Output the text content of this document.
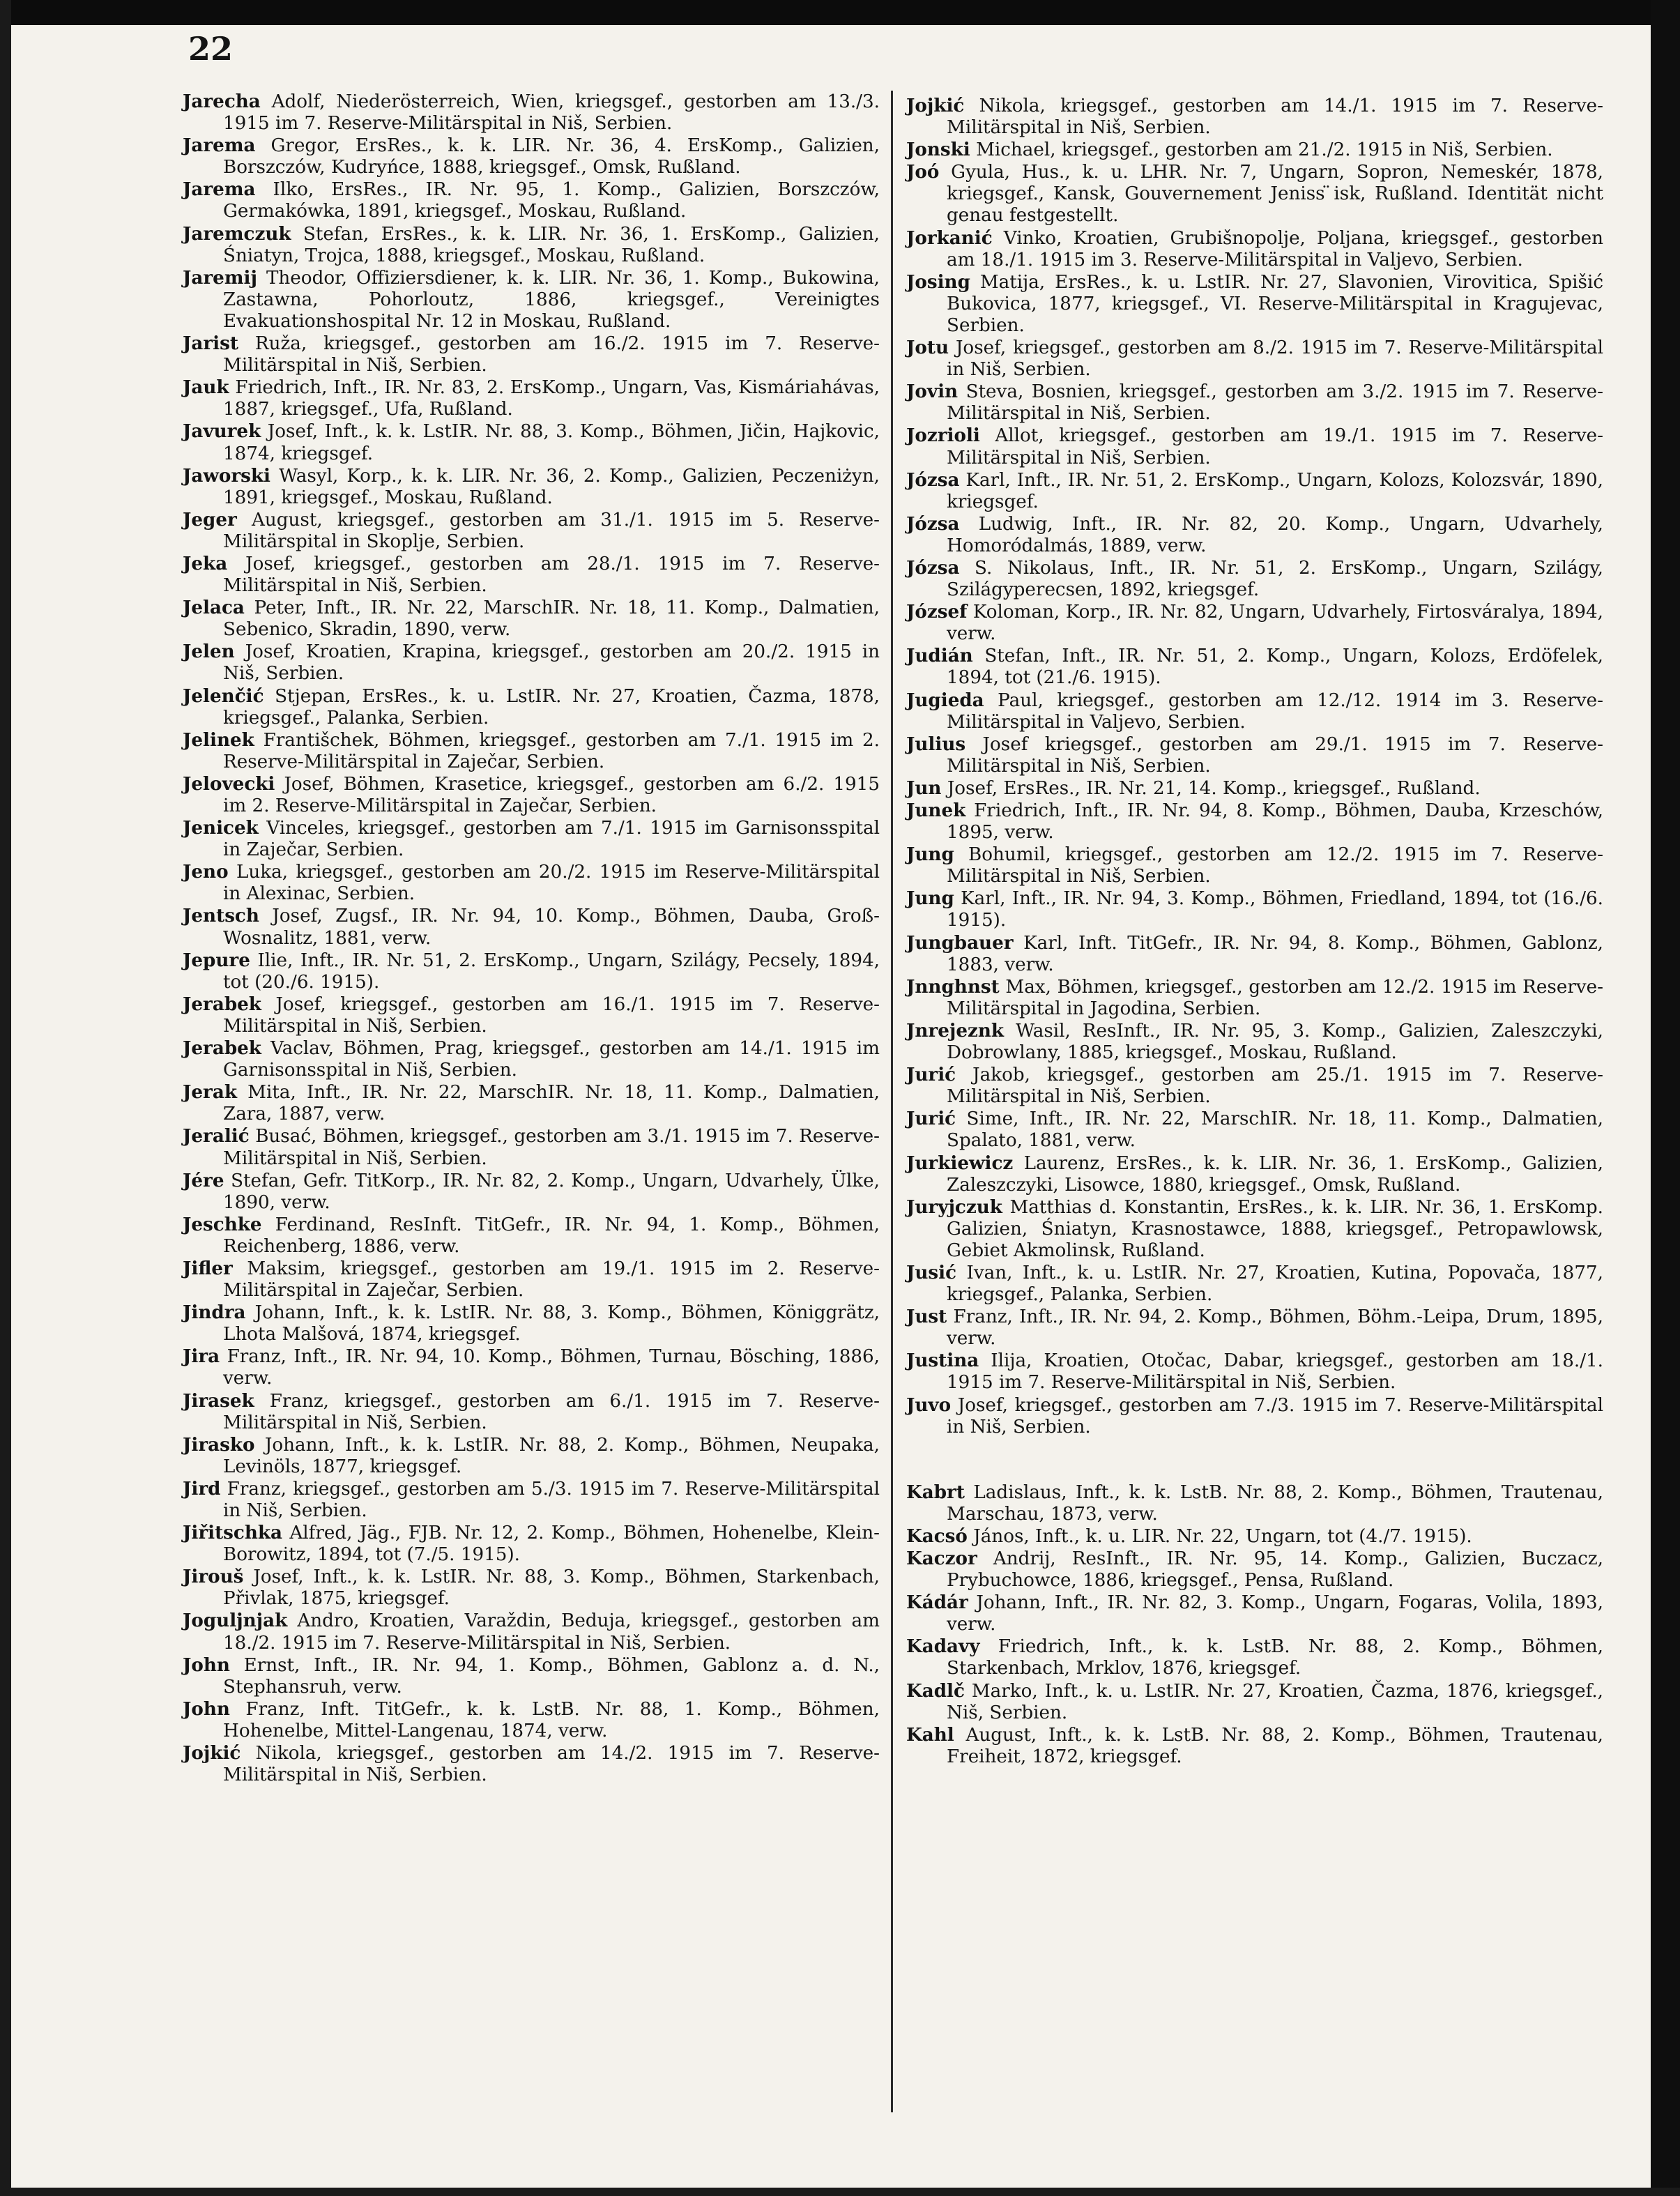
22
Jarecha Adolf, Niederösterreich, Wien, kriegsgef., gestorben am 13./3. 1915 im 7. Reserve-Militärspital in Niš, Serbien.
Jarema Gregor, ErsRes., k. k. LIR. Nr. 36, 4. ErsKomp., Galizien, Borszczów, Kudryńce, 1888, kriegsgef., Omsk, Rußland.
Jarema Ilko, ErsRes., IR. Nr. 95, 1. Komp., Galizien, Borszczów, Germakówka, 1891, kriegsgef., Moskau, Rußland.
Jaremczuk Stefan, ErsRes., k. k. LIR. Nr. 36, 1. ErsKomp., Galizien, Śniatyn, Trojca, 1888, kriegsgef., Moskau, Rußland.
Jaremij Theodor, Offiziersdiener, k. k. LIR. Nr. 36, 1. Komp., Bukowina, Zastawna, Pohorloutz, 1886, kriegsgef., Vereinigtes Evakuationshospital Nr. 12 in Moskau, Rußland.
Jarist Ruža, kriegsgef., gestorben am 16./2. 1915 im 7. Reserve-Militärspital in Niš, Serbien.
Jauk Friedrich, Inft., IR. Nr. 83, 2. ErsKomp., Ungarn, Vas, Kismáriahávas, 1887, kriegsgef., Ufa, Rußland.
Javurek Josef, Inft., k. k. LstIR. Nr. 88, 3. Komp., Böhmen, Jičin, Hajkovic, 1874, kriegsgef.
Jaworski Wasyl, Korp., k. k. LIR. Nr. 36, 2. Komp., Galizien, Peczeniżyn, 1891, kriegsgef., Moskau, Rußland.
Jeger August, kriegsgef., gestorben am 31./1. 1915 im 5. Reserve-Militärspital in Skoplje, Serbien.
Jeka Josef, kriegsgef., gestorben am 28./1. 1915 im 7. Reserve-Militärspital in Niš, Serbien.
Jelaca Peter, Inft., IR. Nr. 22, MarschIR. Nr. 18, 11. Komp., Dalmatien, Sebenico, Skradin, 1890, verw.
Jelen Josef, Kroatien, Krapina, kriegsgef., gestorben am 20./2. 1915 in Niš, Serbien.
Jelenčić Stjepan, ErsRes., k. u. LstIR. Nr. 27, Kroatien, Čazma, 1878, kriegsgef., Palanka, Serbien.
Jelinek Františchek, Böhmen, kriegsgef., gestorben am 7./1. 1915 im 2. Reserve-Militärspital in Zaječar, Serbien.
Jelovecki Josef, Böhmen, Krasetice, kriegsgef., gestorben am 6./2. 1915 im 2. Reserve-Militärspital in Zaječar, Serbien.
Jenicek Vinceles, kriegsgef., gestorben am 7./1. 1915 im Garnisonsspital in Zaječar, Serbien.
Jeno Luka, kriegsgef., gestorben am 20./2. 1915 im Reserve-Militärspital in Alexinac, Serbien.
Jentsch Josef, Zugsf., IR. Nr. 94, 10. Komp., Böhmen, Dauba, Groß-Wosnalitz, 1881, verw.
Jepure Ilie, Inft., IR. Nr. 51, 2. ErsKomp., Ungarn, Szilágy, Pecsely, 1894, tot (20./6. 1915).
Jerabek Josef, kriegsgef., gestorben am 16./1. 1915 im 7. Reserve-Militärspital in Niš, Serbien.
Jerabek Vaclav, Böhmen, Prag, kriegsgef., gestorben am 14./1. 1915 im Garnisonsspital in Niš, Serbien.
Jerak Mita, Inft., IR. Nr. 22, MarschIR. Nr. 18, 11. Komp., Dalmatien, Zara, 1887, verw.
Jeralić Busać, Böhmen, kriegsgef., gestorben am 3./1. 1915 im 7. Reserve-Militärspital in Niš, Serbien.
Jére Stefan, Gefr. TitKorp., IR. Nr. 82, 2. Komp., Ungarn, Udvarhely, Ülke, 1890, verw.
Jeschke Ferdinand, ResInft. TitGefr., IR. Nr. 94, 1. Komp., Böhmen, Reichenberg, 1886, verw.
Jifler Maksim, kriegsgef., gestorben am 19./1. 1915 im 2. Reserve-Militärspital in Zaječar, Serbien.
Jindra Johann, Inft., k. k. LstIR. Nr. 88, 3. Komp., Böhmen, Königgrätz, Lhota Malšová, 1874, kriegsgef.
Jira Franz, Inft., IR. Nr. 94, 10. Komp., Böhmen, Turnau, Bösching, 1886, verw.
Jirasek Franz, kriegsgef., gestorben am 6./1. 1915 im 7. Reserve-Militärspital in Niš, Serbien.
Jirasko Johann, Inft., k. k. LstIR. Nr. 88, 2. Komp., Böhmen, Neupaka, Levinöls, 1877, kriegsgef.
Jird Franz, kriegsgef., gestorben am 5./3. 1915 im 7. Reserve-Militärspital in Niš, Serbien.
Jiřitschka Alfred, Jäg., FJB. Nr. 12, 2. Komp., Böhmen, Hohenelbe, Klein-Borowitz, 1894, tot (7./5. 1915).
Jirouš Josef, Inft., k. k. LstIR. Nr. 88, 3. Komp., Böhmen, Starkenbach, Přivlak, 1875, kriegsgef.
Joguljnjak Andro, Kroatien, Varaždin, Beduja, kriegsgef., gestorben am 18./2. 1915 im 7. Reserve-Militärspital in Niš, Serbien.
John Ernst, Inft., IR. Nr. 94, 1. Komp., Böhmen, Gablonz a. d. N., Stephansruh, verw.
John Franz, Inft. TitGefr., k. k. LstB. Nr. 88, 1. Komp., Böhmen, Hohenelbe, Mittel-Langenau, 1874, verw.
Jojkić Nikola, kriegsgef., gestorben am 14./2. 1915 im 7. Reserve-Militärspital in Niš, Serbien.
Jojkić Nikola, kriegsgef., gestorben am 14./1. 1915 im 7. Reserve-Militärspital in Niš, Serbien.
Jonski Michael, kriegsgef., gestorben am 21./2. 1915 in Niš, Serbien.
Joó Gyula, Hus., k. u. LHR. Nr. 7, Ungarn, Sopron, Nemeskér, 1878, kriegsgef., Kansk, Gouvernement Jeniss ̈isk, Rußland. Identität nicht genau festgestellt.
Jorkanić Vinko, Kroatien, Grubišnopolje, Poljana, kriegsgef., gestorben am 18./1. 1915 im 3. Reserve-Militärspital in Valjevo, Serbien.
Josing Matija, ErsRes., k. u. LstIR. Nr. 27, Slavonien, Virovitica, Spišić Bukovica, 1877, kriegsgef., VI. Reserve-Militärspital in Kragujevac, Serbien.
Jotu Josef, kriegsgef., gestorben am 8./2. 1915 im 7. Reserve-Militärspital in Niš, Serbien.
Jovin Steva, Bosnien, kriegsgef., gestorben am 3./2. 1915 im 7. Reserve-Militärspital in Niš, Serbien.
Jozrioli Allot, kriegsgef., gestorben am 19./1. 1915 im 7. Reserve-Militärspital in Niš, Serbien.
Józsa Karl, Inft., IR. Nr. 51, 2. ErsKomp., Ungarn, Kolozs, Kolozsvár, 1890, kriegsgef.
Józsa Ludwig, Inft., IR. Nr. 82, 20. Komp., Ungarn, Udvarhely, Homoródalmás, 1889, verw.
Józsa S. Nikolaus, Inft., IR. Nr. 51, 2. ErsKomp., Ungarn, Szilágy, Szilágyperecsen, 1892, kriegsgef.
József Koloman, Korp., IR. Nr. 82, Ungarn, Udvarhely, Firtosváralya, 1894, verw.
Judián Stefan, Inft., IR. Nr. 51, 2. Komp., Ungarn, Kolozs, Erdöfelek, 1894, tot (21./6. 1915).
Jugieda Paul, kriegsgef., gestorben am 12./12. 1914 im 3. Reserve-Militärspital in Valjevo, Serbien.
Julius Josef kriegsgef., gestorben am 29./1. 1915 im 7. Reserve-Militärspital in Niš, Serbien.
Jun Josef, ErsRes., IR. Nr. 21, 14. Komp., kriegsgef., Rußland.
Junek Friedrich, Inft., IR. Nr. 94, 8. Komp., Böhmen, Dauba, Krzeschów, 1895, verw.
Jung Bohumil, kriegsgef., gestorben am 12./2. 1915 im 7. Reserve-Militärspital in Niš, Serbien.
Jung Karl, Inft., IR. Nr. 94, 3. Komp., Böhmen, Friedland, 1894, tot (16./6. 1915).
Jungbauer Karl, Inft. TitGefr., IR. Nr. 94, 8. Komp., Böhmen, Gablonz, 1883, verw.
Jnnghnst Max, Böhmen, kriegsgef., gestorben am 12./2. 1915 im Reserve-Militärspital in Jagodina, Serbien.
Jnrejeznk Wasil, ResInft., IR. Nr. 95, 3. Komp., Galizien, Zaleszczyki, Dobrowlany, 1885, kriegsgef., Moskau, Rußland.
Jurić Jakob, kriegsgef., gestorben am 25./1. 1915 im 7. Reserve-Militärspital in Niš, Serbien.
Jurić Sime, Inft., IR. Nr. 22, MarschIR. Nr. 18, 11. Komp., Dalmatien, Spalato, 1881, verw.
Jurkiewicz Laurenz, ErsRes., k. k. LIR. Nr. 36, 1. ErsKomp., Galizien, Zaleszczyki, Lisowce, 1880, kriegsgef., Omsk, Rußland.
Juryjczuk Matthias d. Konstantin, ErsRes., k. k. LIR. Nr. 36, 1. ErsKomp. Galizien, Śniatyn, Krasnostawce, 1888, kriegsgef., Petropawlowsk, Gebiet Akmolinsk, Rußland.
Jusić Ivan, Inft., k. u. LstIR. Nr. 27, Kroatien, Kutina, Popovača, 1877, kriegsgef., Palanka, Serbien.
Just Franz, Inft., IR. Nr. 94, 2. Komp., Böhmen, Böhm.-Leipa, Drum, 1895, verw.
Justina Ilija, Kroatien, Otočac, Dabar, kriegsgef., gestorben am 18./1. 1915 im 7. Reserve-Militärspital in Niš, Serbien.
Juvo Josef, kriegsgef., gestorben am 7./3. 1915 im 7. Reserve-Militärspital in Niš, Serbien.
Kabrt Ladislaus, Inft., k. k. LstB. Nr. 88, 2. Komp., Böhmen, Trautenau, Marschau, 1873, verw.
Kacsó János, Inft., k. u. LIR. Nr. 22, Ungarn, tot (4./7. 1915).
Kaczor Andrij, ResInft., IR. Nr. 95, 14. Komp., Galizien, Buczacz, Prybuchowce, 1886, kriegsgef., Pensa, Rußland.
Kádár Johann, Inft., IR. Nr. 82, 3. Komp., Ungarn, Fogaras, Volila, 1893, verw.
Kadavy Friedrich, Inft., k. k. LstB. Nr. 88, 2. Komp., Böhmen, Starkenbach, Mrklov, 1876, kriegsgef.
Kadlč Marko, Inft., k. u. LstIR. Nr. 27, Kroatien, Čazma, 1876, kriegsgef., Niš, Serbien.
Kahl August, Inft., k. k. LstB. Nr. 88, 2. Komp., Böhmen, Trautenau, Freiheit, 1872, kriegsgef.
